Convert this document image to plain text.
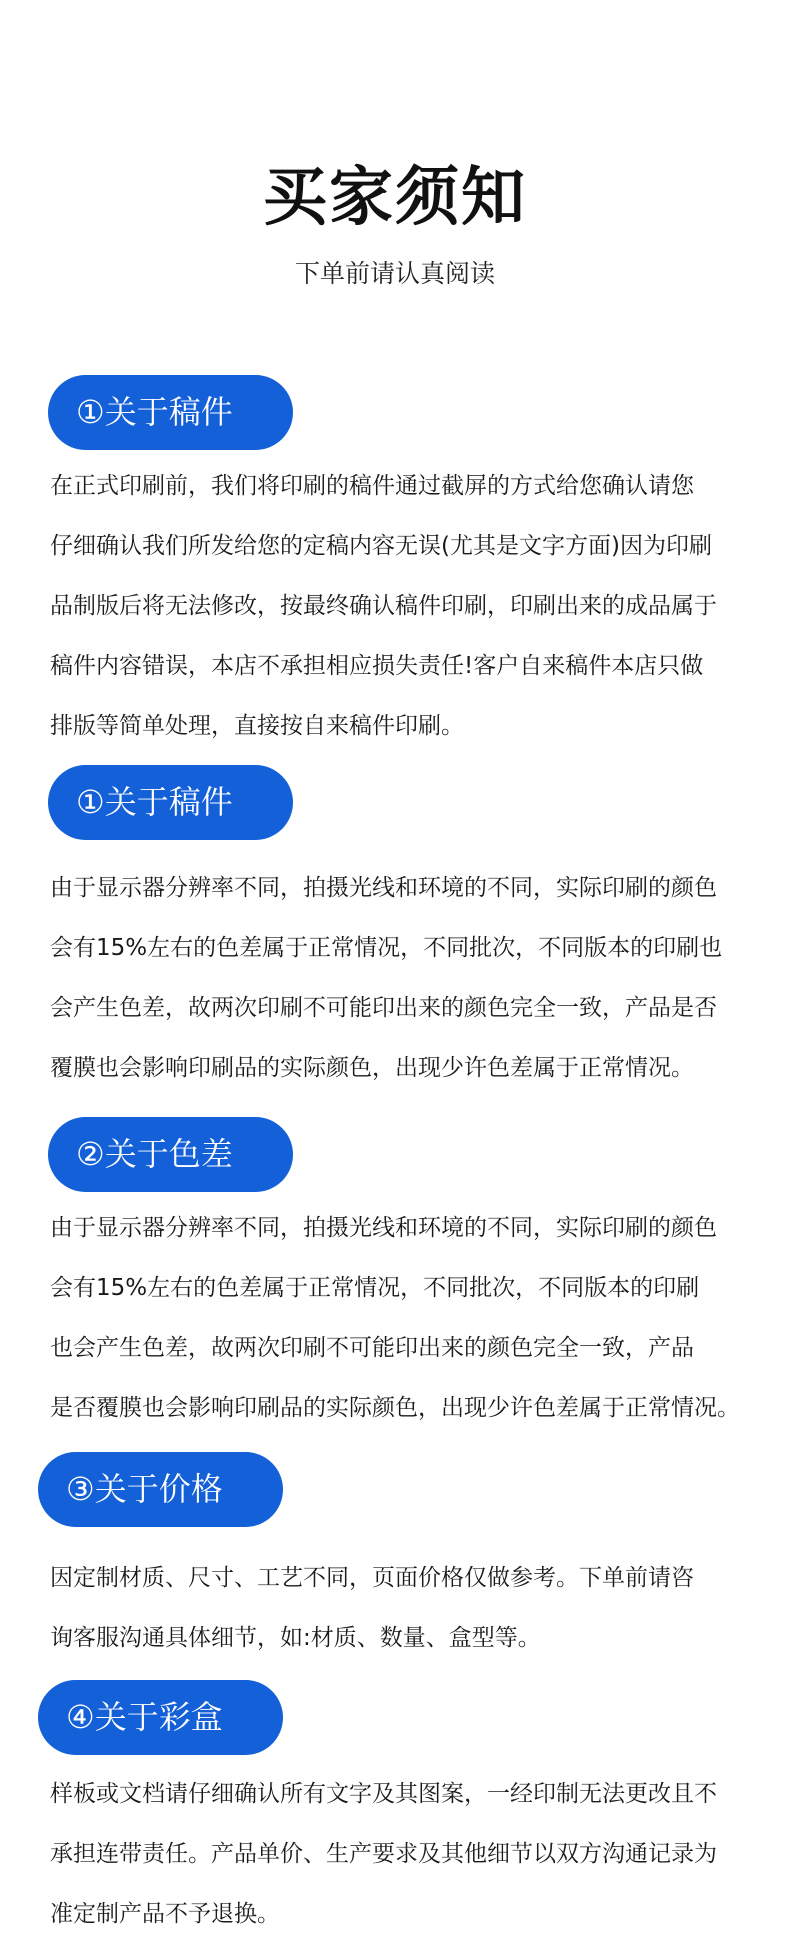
买家须知
下单前请认真阅读
①关于稿件
在正式印刷前，我们将印刷的稿件通过截屏的方式给您确认请您
仔细确认我们所发给您的定稿内容无误(尤其是文字方面)因为印刷
品制版后将无法修改，按最终确认稿件印刷，印刷出来的成品属于
稿件内容错误，本店不承担相应损失责任!客户自来稿件本店只做
排版等简单处理，直接按自来稿件印刷。
①关于稿件
由于显示器分辨率不同，拍摄光线和环境的不同，实际印刷的颜色
会有15%左右的色差属于正常情况，不同批次，不同版本的印刷也
会产生色差，故两次印刷不可能印出来的颜色完全一致，产品是否
覆膜也会影响印刷品的实际颜色，出现少许色差属于正常情况。
②关于色差
由于显示器分辨率不同，拍摄光线和环境的不同，实际印刷的颜色
会有15%左右的色差属于正常情况，不同批次，不同版本的印刷
也会产生色差，故两次印刷不可能印出来的颜色完全一致，产品
是否覆膜也会影响印刷品的实际颜色，出现少许色差属于正常情况。
③关于价格
因定制材质、尺寸、工艺不同，页面价格仅做参考。下单前请咨
询客服沟通具体细节，如:材质、数量、盒型等。
④关于彩盒
样板或文档请仔细确认所有文字及其图案，一经印制无法更改且不
承担连带责任。产品单价、生产要求及其他细节以双方沟通记录为
准定制产品不予退换。
